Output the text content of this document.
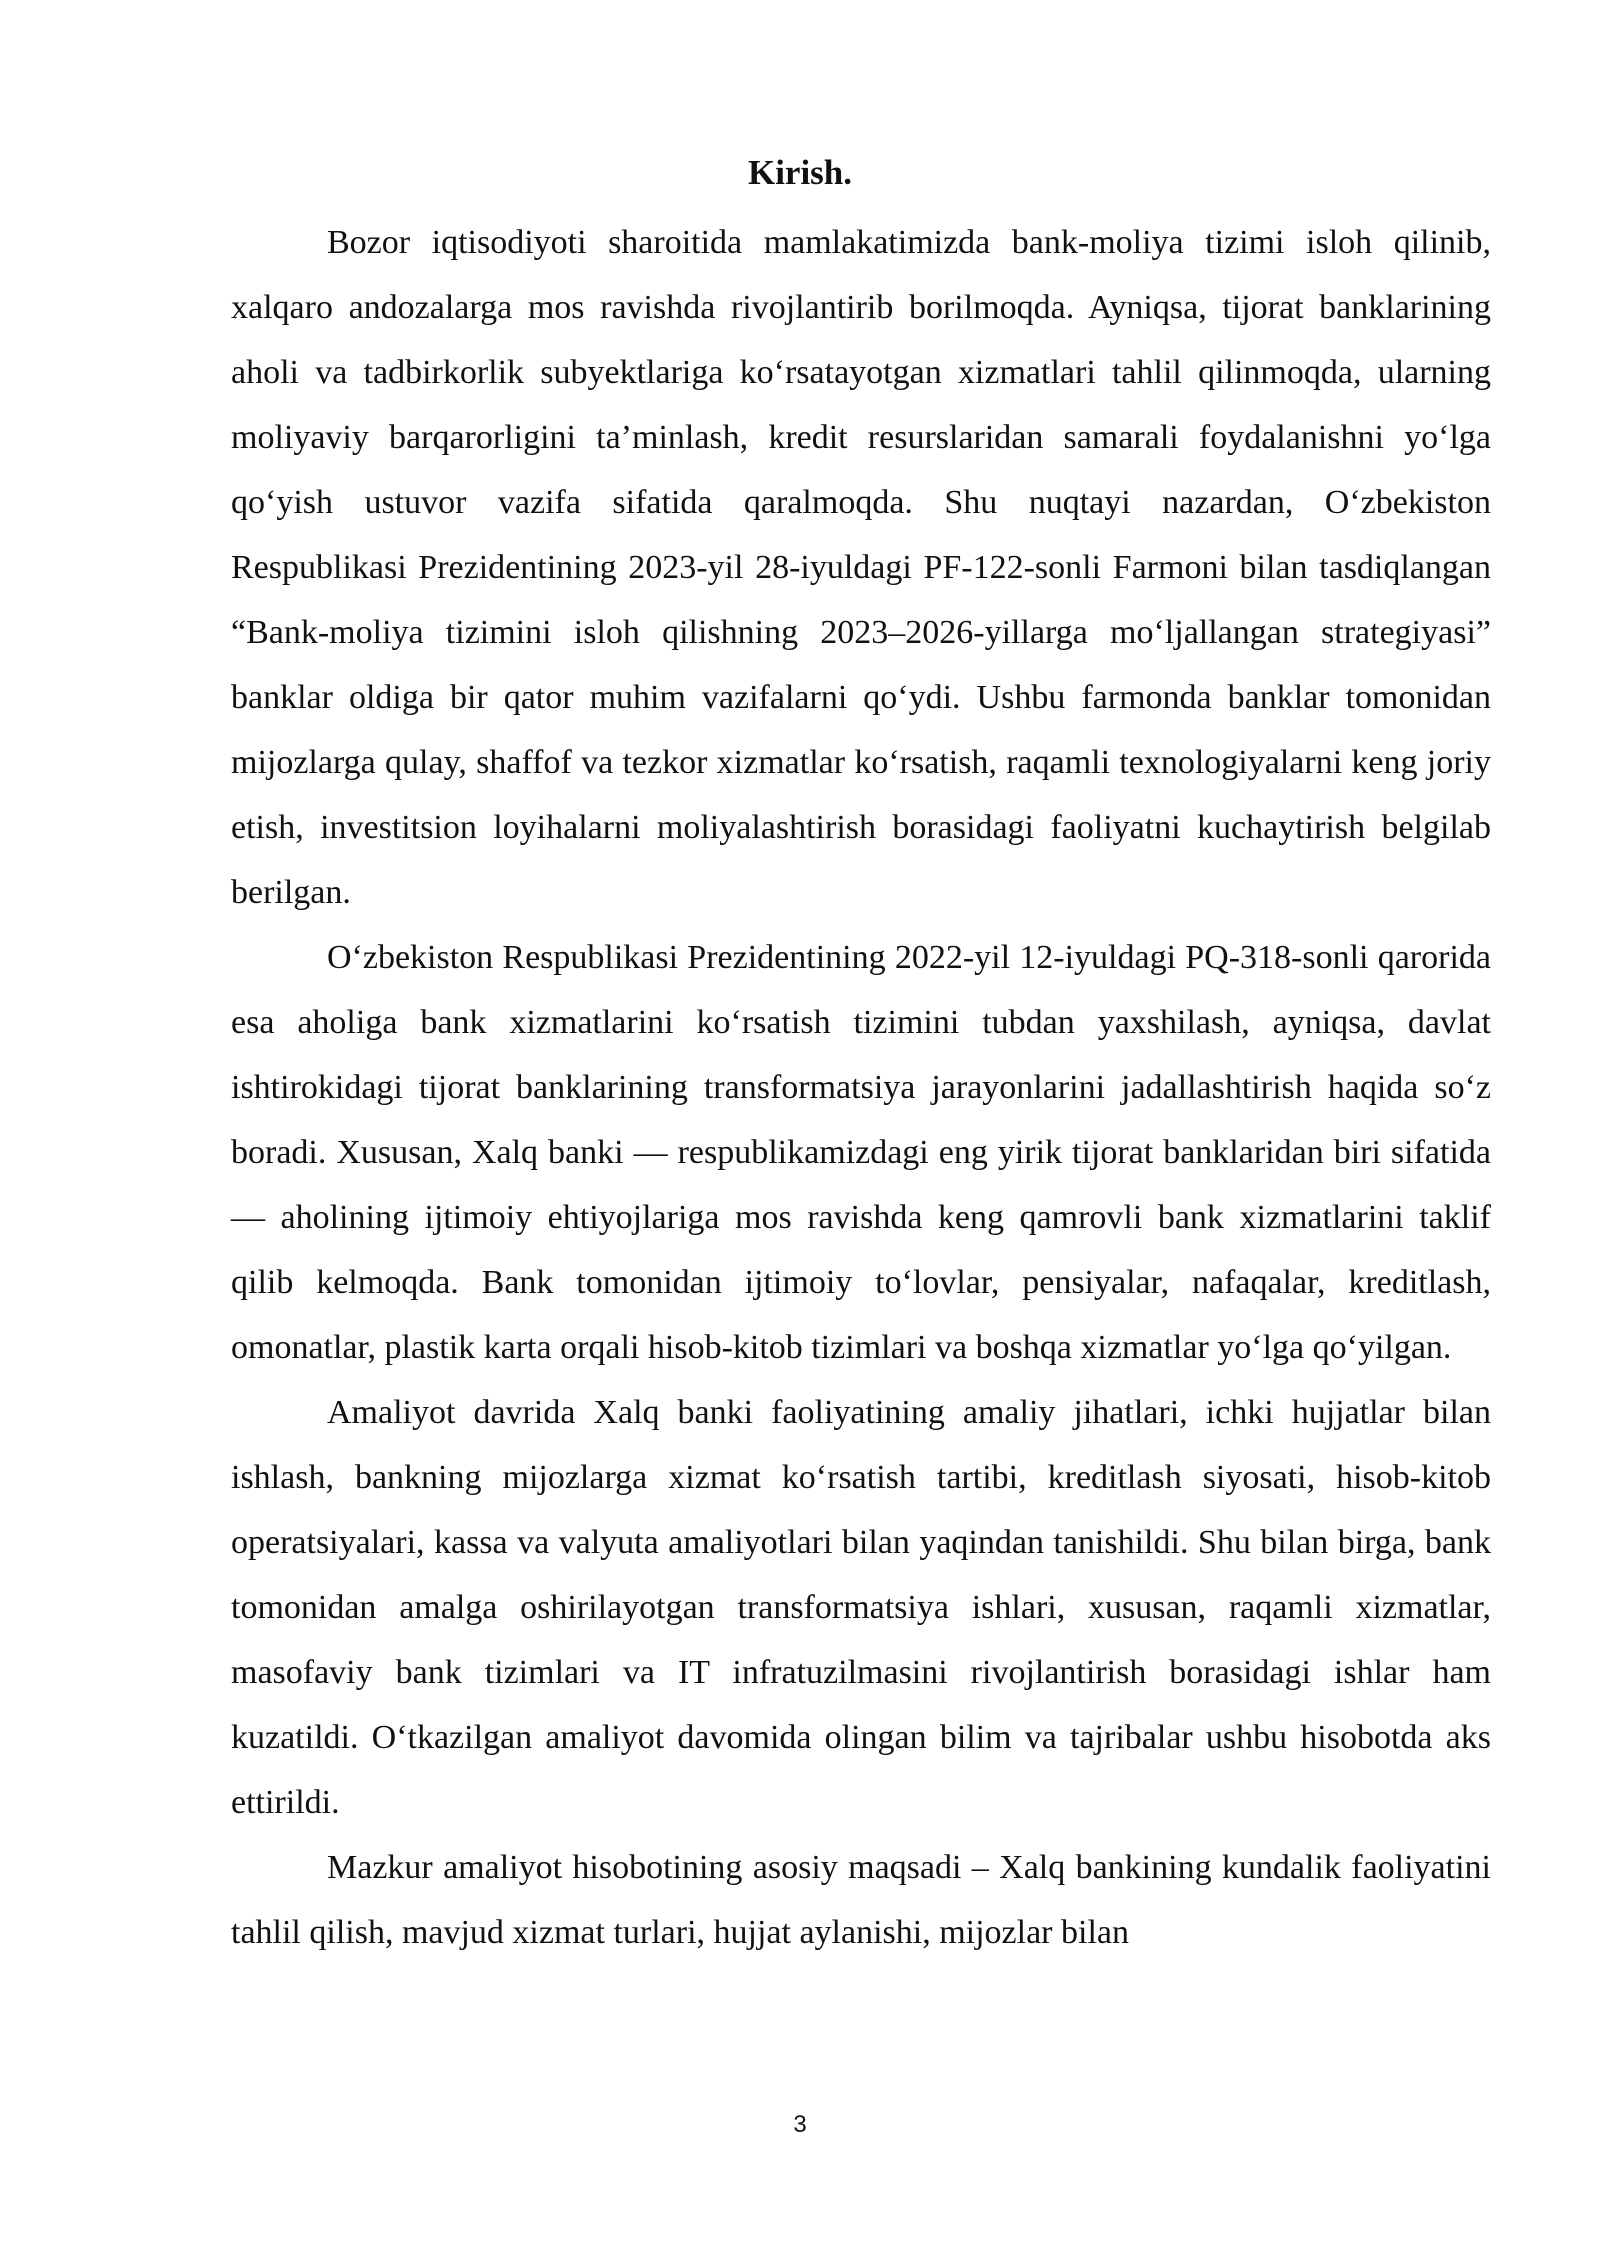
Kirish.

Bozor iqtisodiyoti sharoitida mamlakatimizda bank-moliya tizimi isloh qilinib, xalqaro andozalarga mos ravishda rivojlantirib borilmoqda. Ayniqsa, tijorat banklarining aholi va tadbirkorlik subyektlariga ko‘rsatayotgan xizmatlari tahlil qilinmoqda, ularning moliyaviy barqarorligini ta’minlash, kredit resurslaridan samarali foydalanishni yo‘lga qo‘yish ustuvor vazifa sifatida qaralmoqda. Shu nuqtayi nazardan, O‘zbekiston Respublikasi Prezidentining 2023-yil 28-iyuldagi PF-122-sonli Farmoni bilan tasdiqlangan “Bank-moliya tizimini isloh qilishning 2023–2026-yillarga mo‘ljallangan strategiyasi” banklar oldiga bir qator muhim vazifalarni qo‘ydi. Ushbu farmonda banklar tomonidan mijozlarga qulay, shaffof va tezkor xizmatlar ko‘rsatish, raqamli texnologiyalarni keng joriy etish, investitsion loyihalarni moliyalashtirish borasidagi faoliyatni kuchaytirish belgilab berilgan.

O‘zbekiston Respublikasi Prezidentining 2022-yil 12-iyuldagi PQ-318-sonli qarorida esa aholiga bank xizmatlarini ko‘rsatish tizimini tubdan yaxshilash, ayniqsa, davlat ishtirokidagi tijorat banklarining transformatsiya jarayonlarini jadallashtirish haqida so‘z boradi. Xususan, Xalq banki — respublikamizdagi eng yirik tijorat banklaridan biri sifatida — aholining ijtimoiy ehtiyojlariga mos ravishda keng qamrovli bank xizmatlarini taklif qilib kelmoqda. Bank tomonidan ijtimoiy to‘lovlar, pensiyalar, nafaqalar, kreditlash, omonatlar, plastik karta orqali hisob-kitob tizimlari va boshqa xizmatlar yo‘lga qo‘yilgan.

Amaliyot davrida Xalq banki faoliyatining amaliy jihatlari, ichki hujjatlar bilan ishlash, bankning mijozlarga xizmat ko‘rsatish tartibi, kreditlash siyosati, hisob-kitob operatsiyalari, kassa va valyuta amaliyotlari bilan yaqindan tanishildi. Shu bilan birga, bank tomonidan amalga oshirilayotgan transformatsiya ishlari, xususan, raqamli xizmatlar, masofaviy bank tizimlari va IT infratuzilmasini rivojlantirish borasidagi ishlar ham kuzatildi. O‘tkazilgan amaliyot davomida olingan bilim va tajribalar ushbu hisobotda aks ettirildi.

Mazkur amaliyot hisobotining asosiy maqsadi – Xalq bankining kundalik faoliyatini tahlil qilish, mavjud xizmat turlari, hujjat aylanishi, mijozlar bilan

3
